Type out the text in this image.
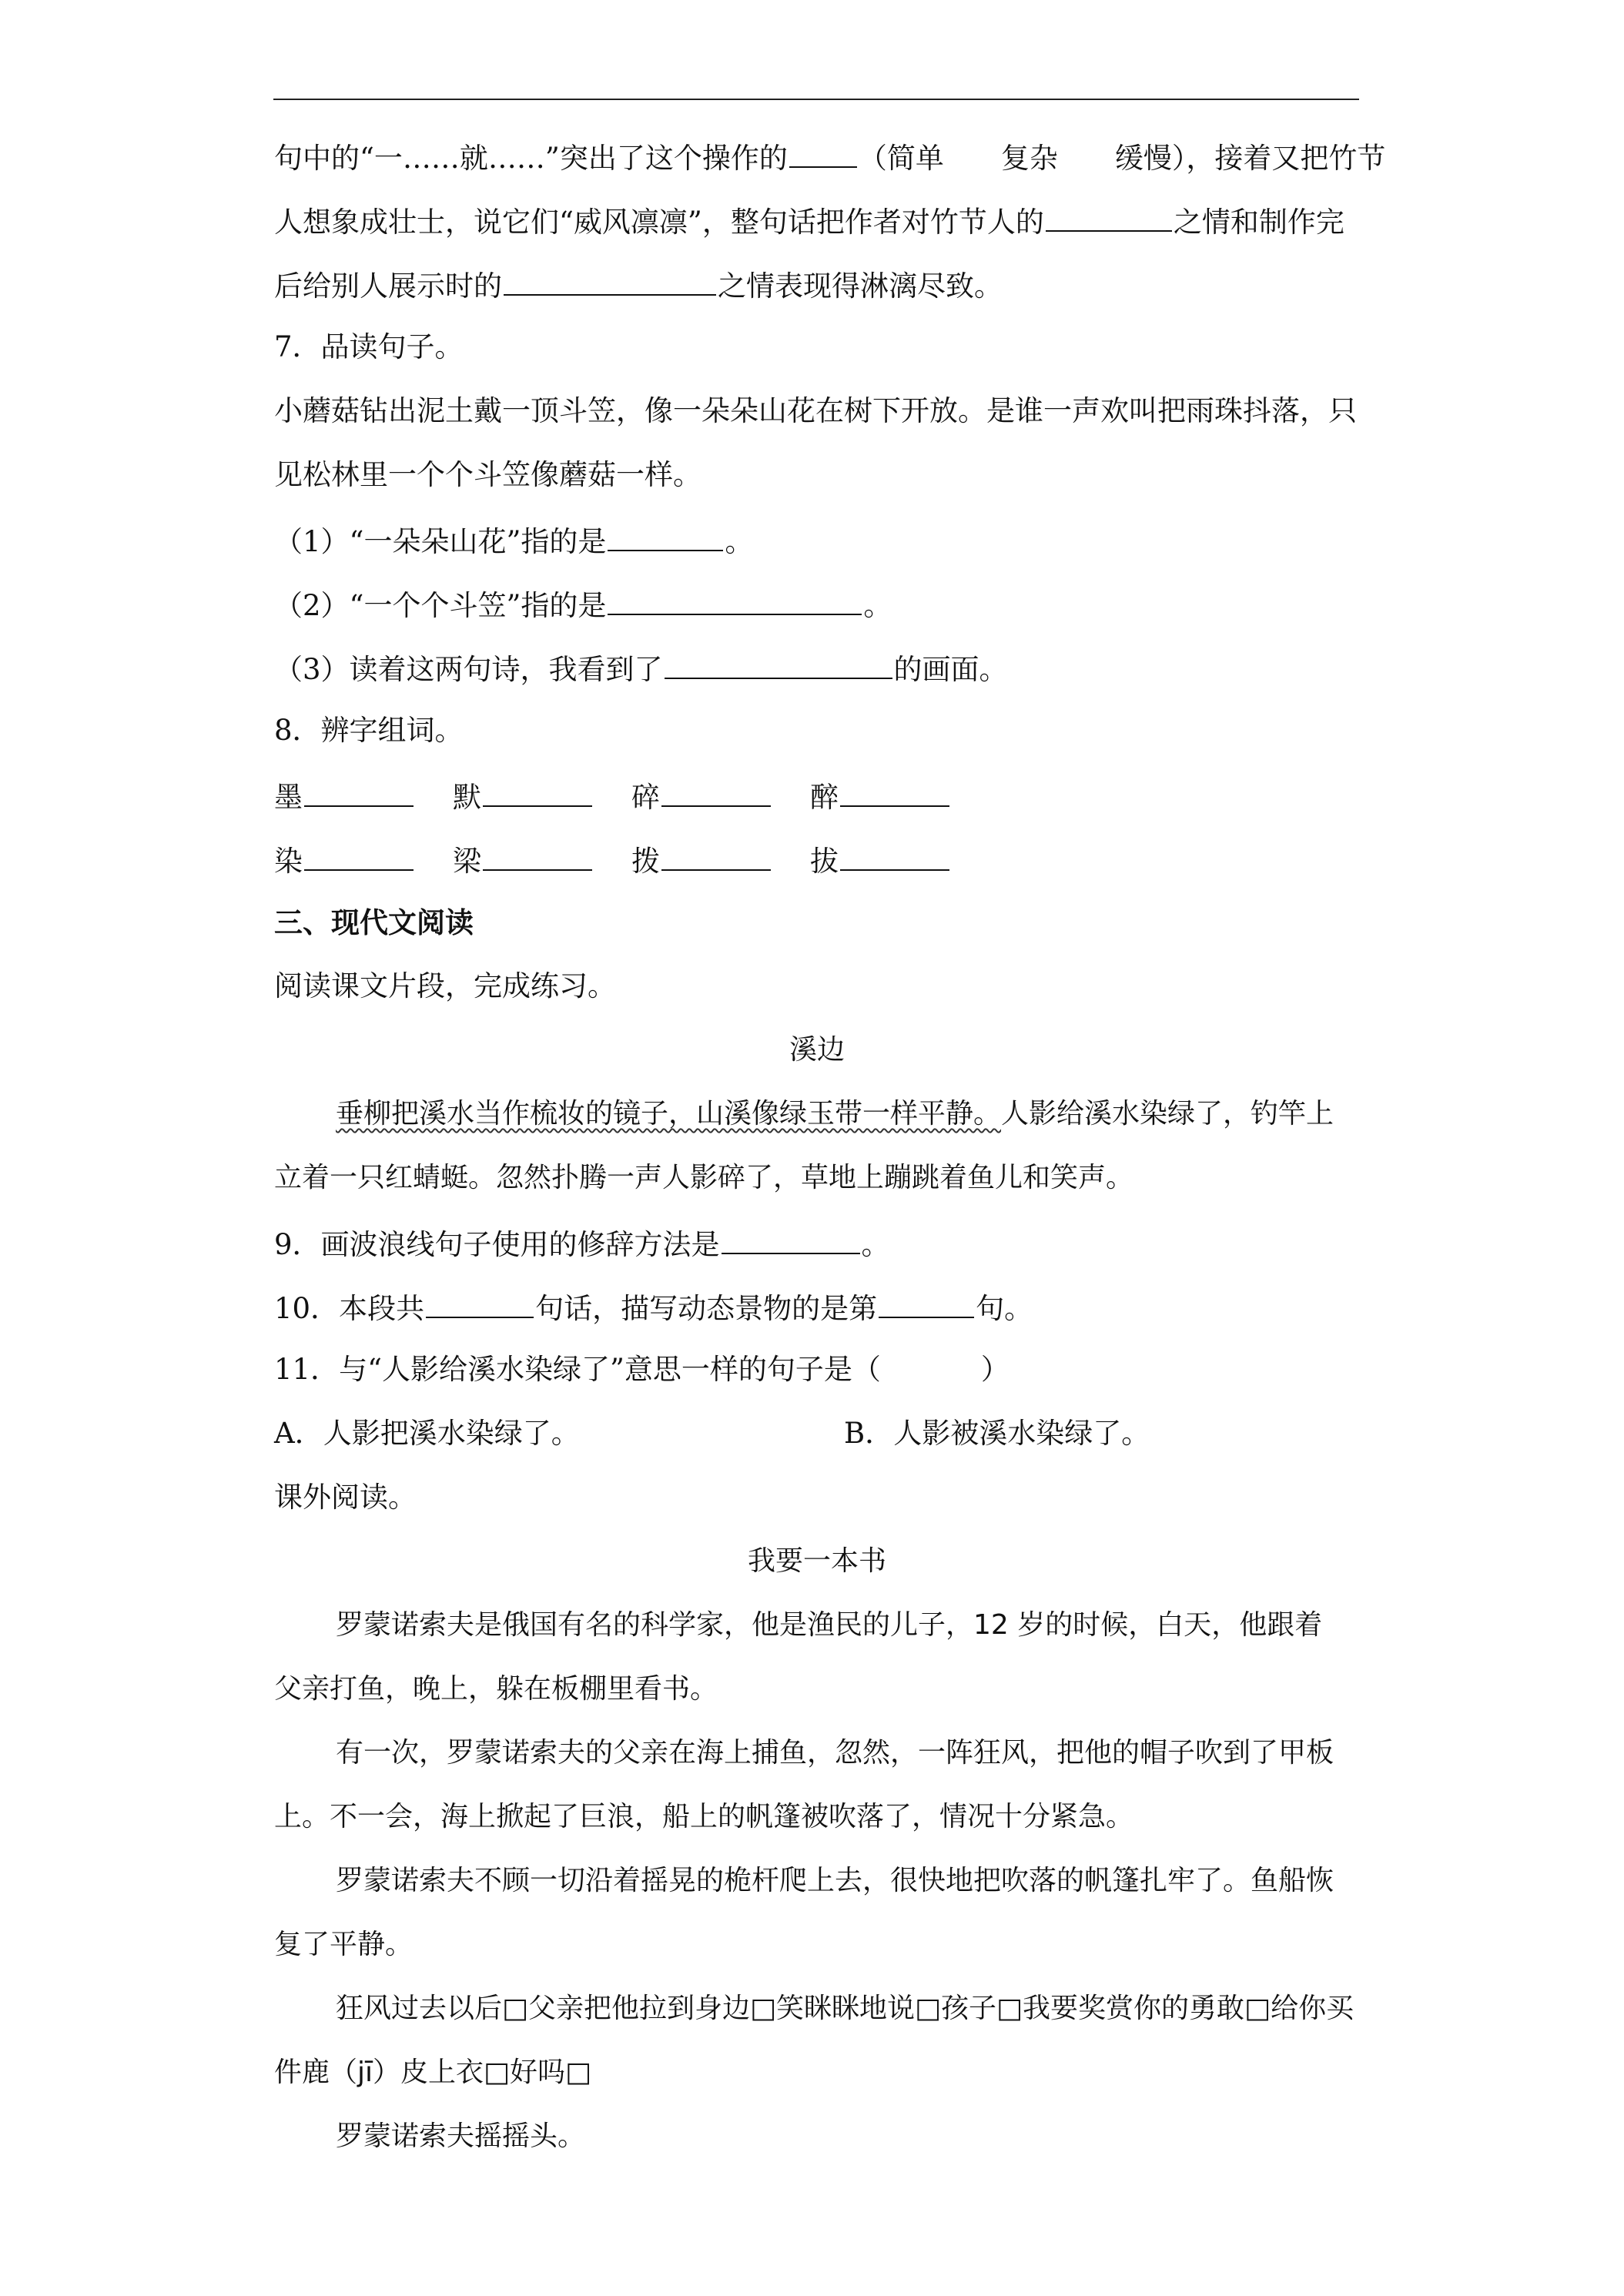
句中的“一……就……”突出了这个操作的 （简单　　复杂　　缓慢），接着又把竹节
人想象成壮士，说它们“威风凛凛”，整句话把作者对竹节人的	之情和制作完
后给别人展示时的	之情表现得淋漓尽致。
7．品读句子。
小蘑菇钻出泥土戴一顶斗笠，像一朵朵山花在树下开放。是谁一声欢叫把雨珠抖落，只
见松林里一个个斗笠像蘑菇一样。
（1）“一朵朵山花”指的是	。
（2）“一个个斗笠”指的是	。
（3）读着这两句诗，我看到了	的画面。
8．辨字组词。
墨	默	碎	醉
染	梁	拨	拔
三、现代文阅读
阅读课文片段，完成练习。
溪边
垂柳把溪水当作梳妆的镜子，山溪像绿玉带一样平静。人影给溪水染绿了，钓竿上
立着一只红蜻蜓。忽然扑腾一声人影碎了，草地上蹦跳着鱼儿和笑声。
9．画波浪线句子使用的修辞方法是	。
10．本段共	句话，描写动态景物的是第	句。
11．与“人影给溪水染绿了”意思一样的句子是（	）
A．人影把溪水染绿了。	B．人影被溪水染绿了。
课外阅读。
我要一本书
罗蒙诺索夫是俄国有名的科学家，他是渔民的儿子，12 岁的时候，白天，他跟着
父亲打鱼，晚上，躲在板棚里看书。
有一次，罗蒙诺索夫的父亲在海上捕鱼，忽然，一阵狂风，把他的帽子吹到了甲板
上。不一会，海上掀起了巨浪，船上的帆篷被吹落了，情况十分紧急。
罗蒙诺索夫不顾一切沿着摇晃的桅杆爬上去，很快地把吹落的帆篷扎牢了。鱼船恢
复了平静。
狂风过去以后□父亲把他拉到身边□笑眯眯地说□孩子□我要奖赏你的勇敢□给你买
件鹿（jī）皮上衣□好吗□
罗蒙诺索夫摇摇头。
